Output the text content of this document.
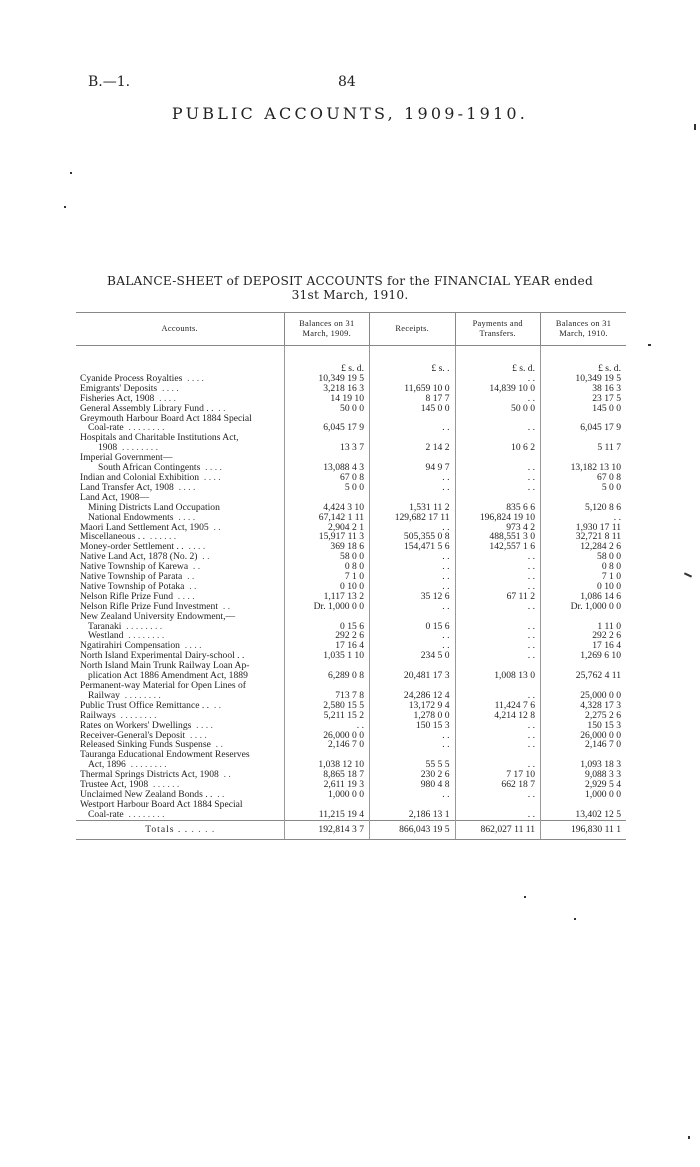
B.—1.	84
PUBLIC ACCOUNTS, 1909-1910.
BALANCE-SHEET of DEPOSIT ACCOUNTS for the FINANCIAL YEAR ended
31st March, 1910.
Accounts.	Balances on 31 March, 1909.	Receipts.	Payments and Transfers.	Balances on 31 March, 1910.
	£ s. d.	£ s. .	£ s. d.	£ s. d.
Cyanide Process Royalties . . . .	10,349 19 5		. .	10,349 19 5
Emigrants' Deposits . . . .	3,218 16 3	11,659 10 0	14,839 10 0	38 16 3
Fisheries Act, 1908 . . . .	14 19 10	8 17 7	. .	23 17 5
General Assembly Library Fund . . . .	50 0 0	145 0 0	50 0 0	145 0 0
Greymouth Harbour Board Act 1884 Special				
Coal-rate . . . . . . . .	6,045 17 9	. .	. .	6,045 17 9
Hospitals and Charitable Institutions Act,				
1908 . . . . . . . .	13 3 7	2 14 2	10 6 2	5 11 7
Imperial Government—				
South African Contingents . . . .	13,088 4 3	94 9 7	. .	13,182 13 10
Indian and Colonial Exhibition . . . .	67 0 8	. .	. .	67 0 8
Land Transfer Act, 1908 . . . .	5 0 0	. .	. .	5 0 0
Land Act, 1908—				
Mining Districts Land Occupation	4,424 3 10	1,531 11 2	835 6 6	5,120 8 6
National Endowments . . . .	67,142 1 11	129,682 17 11	196,824 19 10	. .
Maori Land Settlement Act, 1905 . .	2,904 2 1	. .	973 4 2	1,930 17 11
Miscellaneous . . . . . . . .	15,917 11 3	505,355 0 8	488,551 3 0	32,721 8 11
Money-order Settlement . . . . . .	369 18 6	154,471 5 6	142,557 1 6	12,284 2 6
Native Land Act, 1878 (No. 2) . .	58 0 0	. .	. .	58 0 0
Native Township of Karewa . .	0 8 0	. .	. .	0 8 0
Native Township of Parata . .	7 1 0	. .	. .	7 1 0
Native Township of Potaka . .	0 10 0	. .	. .	0 10 0
Nelson Rifle Prize Fund . . . .	1,117 13 2	35 12 6	67 11 2	1,086 14 6
Nelson Rifle Prize Fund Investment . .	Dr. 1,000 0 0	. .	. .	Dr. 1,000 0 0
New Zealand University Endowment,—				
Taranaki . . . . . . . .	0 15 6	0 15 6	. .	1 11 0
Westland . . . . . . . .	292 2 6	. .	. .	292 2 6
Ngatirahiri Compensation . . . .	17 16 4	. .	. .	17 16 4
North Island Experimental Dairy-school . .	1,035 1 10	234 5 0	. .	1,269 6 10
North Island Main Trunk Railway Loan Ap-				
plication Act 1886 Amendment Act, 1889	6,289 0 8	20,481 17 3	1,008 13 0	25,762 4 11
Permanent-way Material for Open Lines of				
Railway . . . . . . . .	713 7 8	24,286 12 4	. .	25,000 0 0
Public Trust Office Remittance . . . .	2,580 15 5	13,172 9 4	11,424 7 6	4,328 17 3
Railways . . . . . . . .	5,211 15 2	1,278 0 0	4,214 12 8	2,275 2 6
Rates on Workers' Dwellings . . . .	. .	150 15 3	. .	150 15 3
Receiver-General's Deposit . . . .	26,000 0 0	. .	. .	26,000 0 0
Released Sinking Funds Suspense . .	2,146 7 0	. .	. .	2,146 7 0
Tauranga Educational Endowment Reserves				
Act, 1896 . . . . . . . .	1,038 12 10	55 5 5	. .	1,093 18 3
Thermal Springs Districts Act, 1908 . .	8,865 18 7	230 2 6	7 17 10	9,088 3 3
Trustee Act, 1908 . . . . . .	2,611 19 3	980 4 8	662 18 7	2,929 5 4
Unclaimed New Zealand Bonds . . . .	1,000 0 0	. .	. .	1,000 0 0
Westport Harbour Board Act 1884 Special				
Coal-rate . . . . . . . .	11,215 19 4	2,186 13 1	. .	13,402 12 5
Totals . . . . . .	192,814 3 7	866,043 19 5	862,027 11 11	196,830 11 1
